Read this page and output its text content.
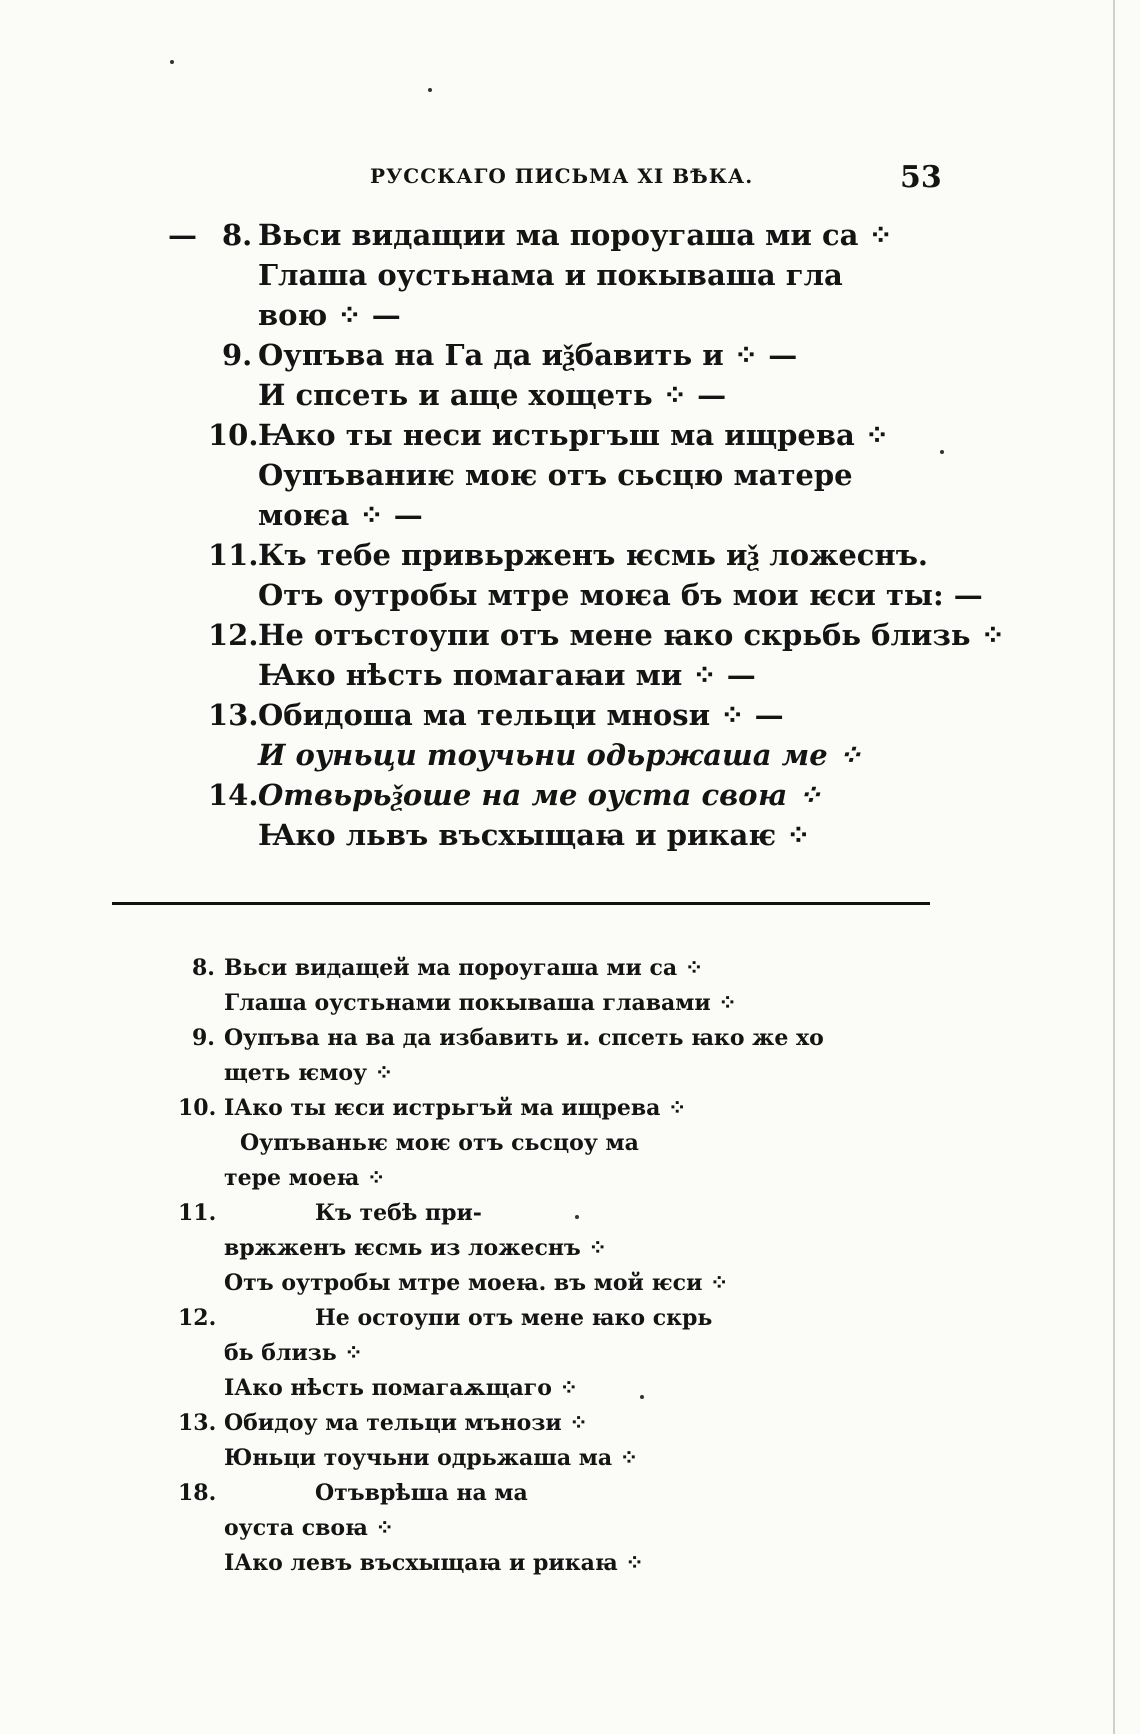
РУССКАГО ПИСЬМА XI ВѢКА.	53
— 8. Вьси видащии ма пороугаша ми са ⁘
Глаша оустьнама и покываша гла
вою ⁘ —
9. Оупъва на Га да иѯбавить и ⁘ —
И спсеть и аще хощеть ⁘ —
10. Ꙗко ты неси истьргъш ма ищрева ⁘
Оупъваниѥ моѥ отъ сьсцю матере
моѥа ⁘ —
11. Къ тебе привьрженъ ѥсмь иѯ ложеснъ.
Отъ оутробы мтре моѥа бъ мои ѥси ты: —
12. Не отъстоупи отъ мене ꙗко скрьбь близь ⁘
Ꙗко нѣсть помагаꙗи ми ⁘ —
13. Обидоша ма тельци мноѕи ⁘ —
И оуньци тоучьни одьржаша ме ⁘
14. Отвьрьѯоше на ме оуста своꙗ ⁘
Ꙗко львъ въсхыщаꙗ и рикаѥ ⁘
8. Вьси видащей ма пороугаша ми са ⁘
Глаша оустьнами покываша главами ⁘
9. Оупъва на ва да избавить и. спсеть ꙗко же хо
щеть ѥмоу ⁘
10. ІАко ты ѥси истрьгъй ма ищрева ⁘
Оупъваньѥ моѥ отъ сьсцоу ма
тере моеꙗ ⁘
11.	Къ тебѣ при-
вржженъ ѥсмь из ложеснъ ⁘
Отъ оутробы мтре моеꙗ. въ мой ѥси ⁘
12.	Не остоупи отъ мене ꙗко скрь
бь близь ⁘
ІАко нѣсть помагаѫщаго ⁘
13. Обидоу ма тельци мънози ⁘
Юньци тоучьни одрьжаша ма ⁘
18.	Отъврѣша на ма
оуста своꙗ ⁘
ІАко левъ въсхыщаꙗ и рикаꙗ ⁘
